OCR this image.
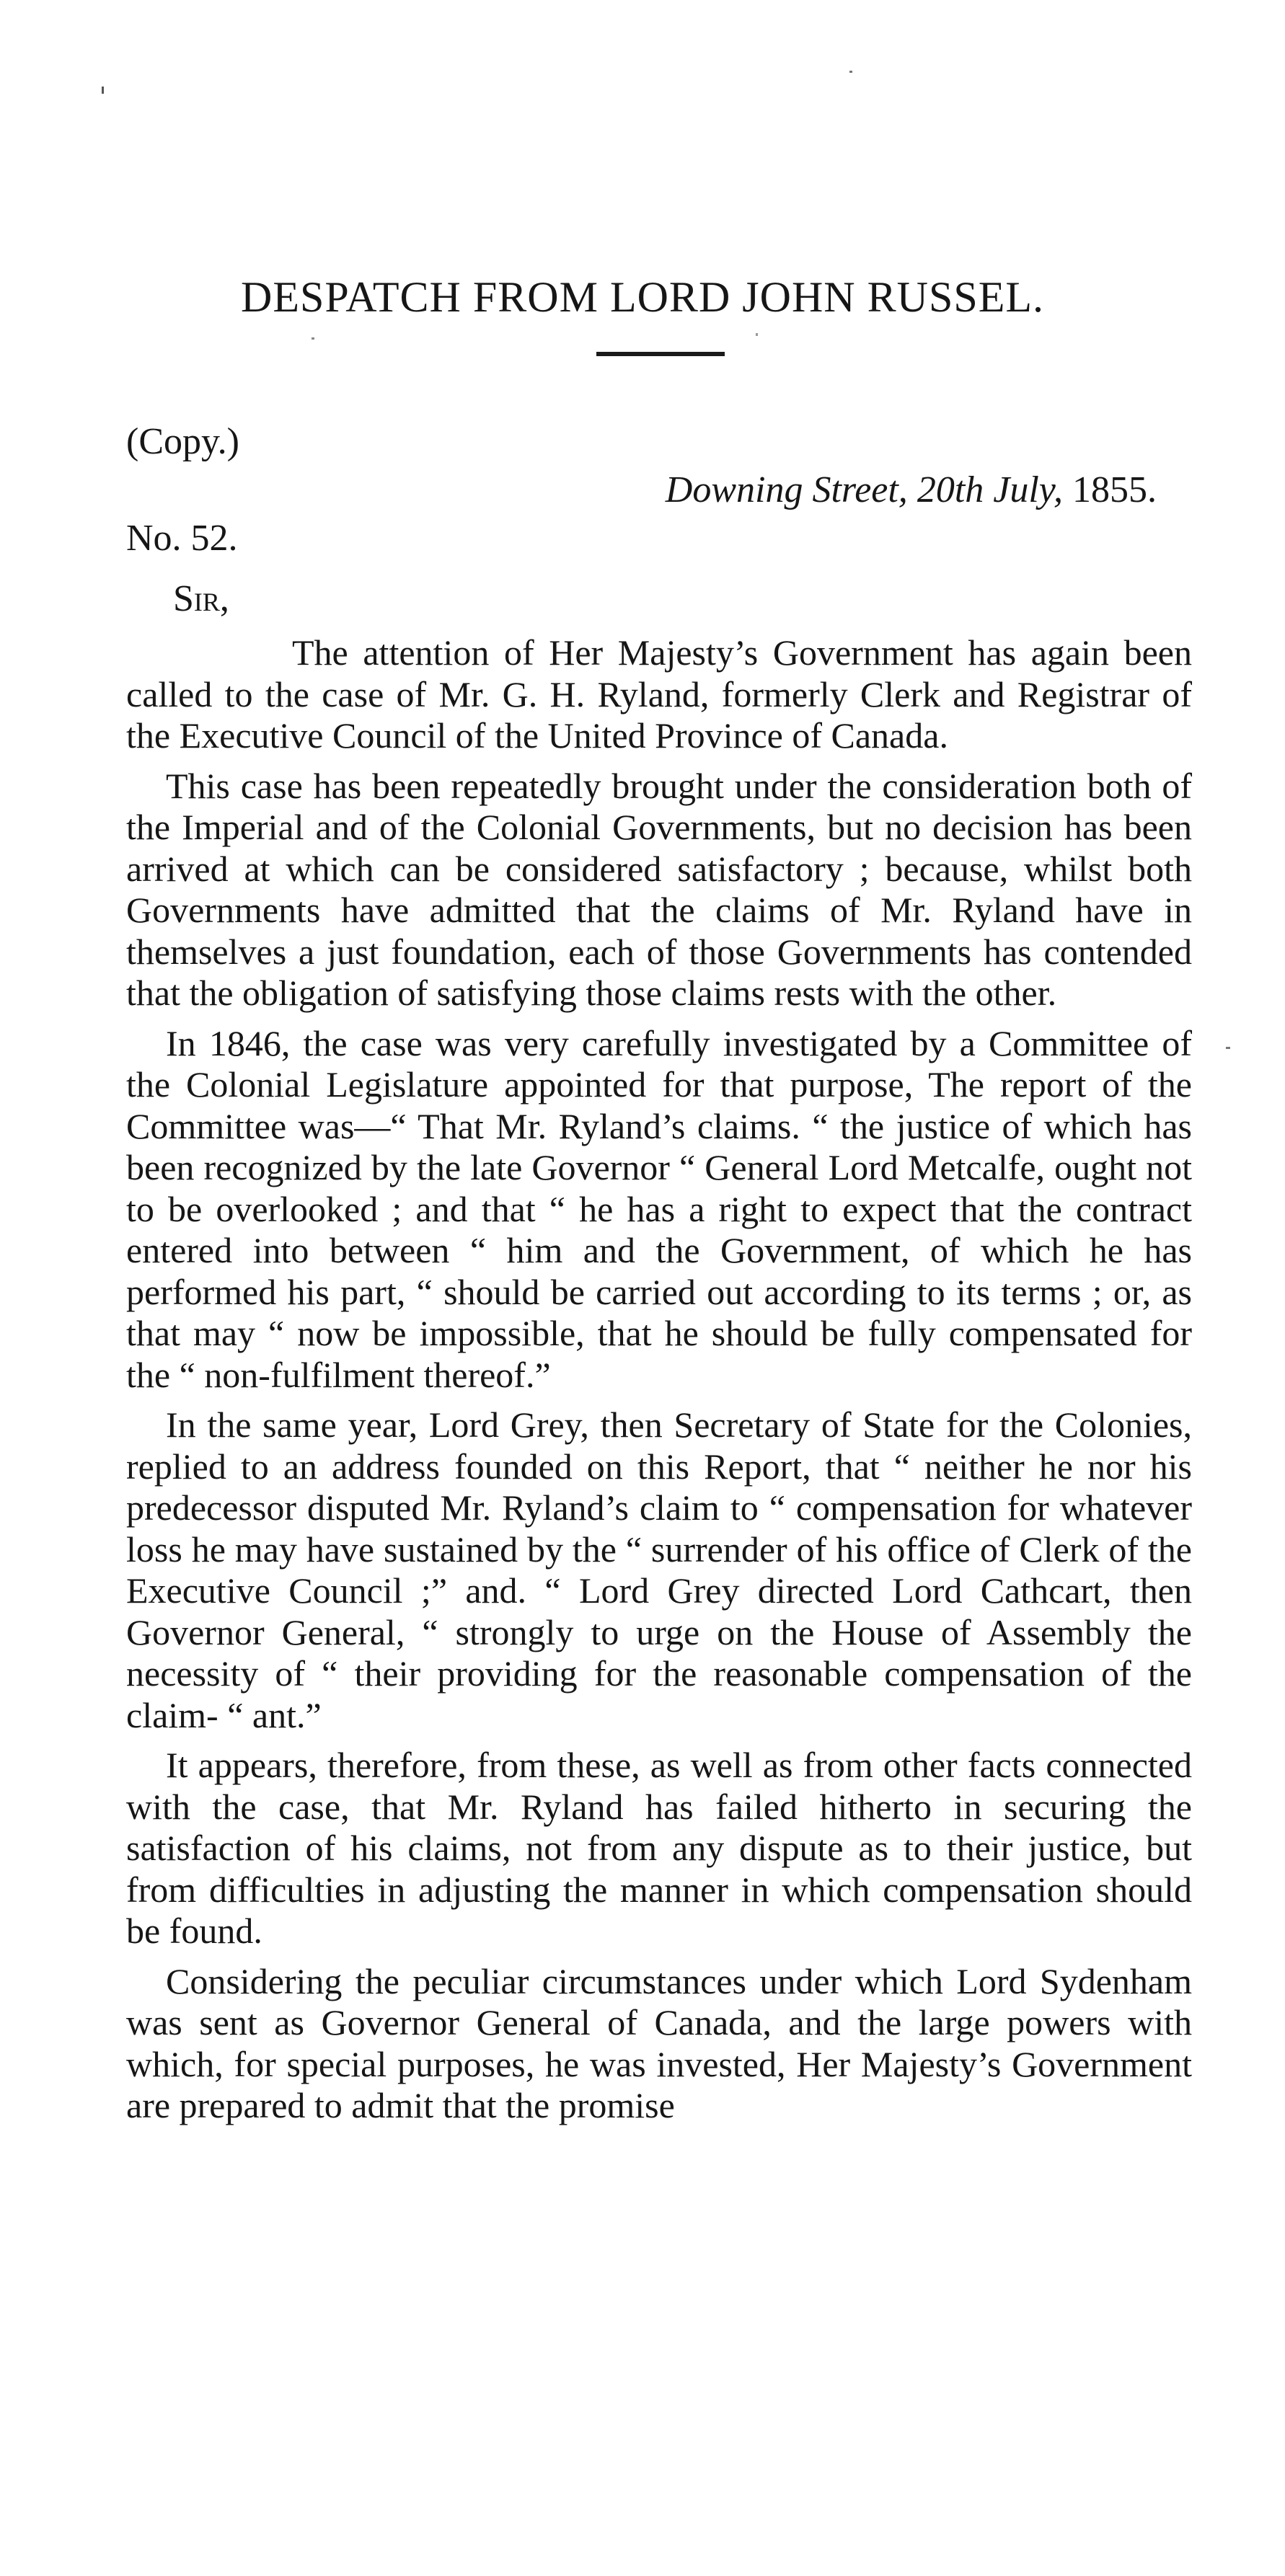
DESPATCH FROM LORD JOHN RUSSEL.
(Copy.)
Downing Street, 20th July, 1855.
No. 52.
Sir,

The attention of Her Majesty’s Government has again been called to the case of Mr. G. H. Ryland, formerly Clerk and Registrar of the Executive Council of the United Province of Canada.

This case has been repeatedly brought under the consideration both of the Imperial and of the Colonial Governments, but no decision has been arrived at which can be considered satisfactory ; because, whilst both Governments have admitted that the claims of Mr. Ryland have in themselves a just foundation, each of those Governments has contended that the obligation of satisfying those claims rests with the other.

In 1846, the case was very carefully investigated by a Committee of the Colonial Legislature appointed for that purpose, The report of the Committee was—“ That Mr. Ryland’s claims. “ the justice of which has been recognized by the late Governor “ General Lord Metcalfe, ought not to be overlooked ; and that “ he has a right to expect that the contract entered into between “ him and the Government, of which he has performed his part, “ should be carried out according to its terms ; or, as that may “ now be impossible, that he should be fully compensated for the “ non-fulfilment thereof.”

In the same year, Lord Grey, then Secretary of State for the Colonies, replied to an address founded on this Report, that “ neither he nor his predecessor disputed Mr. Ryland’s claim to “ compensation for whatever loss he may have sustained by the “ surrender of his office of Clerk of the Executive Council ;” and. “ Lord Grey directed Lord Cathcart, then Governor General, “ strongly to urge on the House of Assembly the necessity of “ their providing for the reasonable compensation of the claim- “ ant.”

It appears, therefore, from these, as well as from other facts connected with the case, that Mr. Ryland has failed hitherto in securing the satisfaction of his claims, not from any dispute as to their justice, but from difficulties in adjusting the manner in which compensation should be found.

Considering the peculiar circumstances under which Lord Sydenham was sent as Governor General of Canada, and the large powers with which, for special purposes, he was invested, Her Majesty’s Government are prepared to admit that the promise
